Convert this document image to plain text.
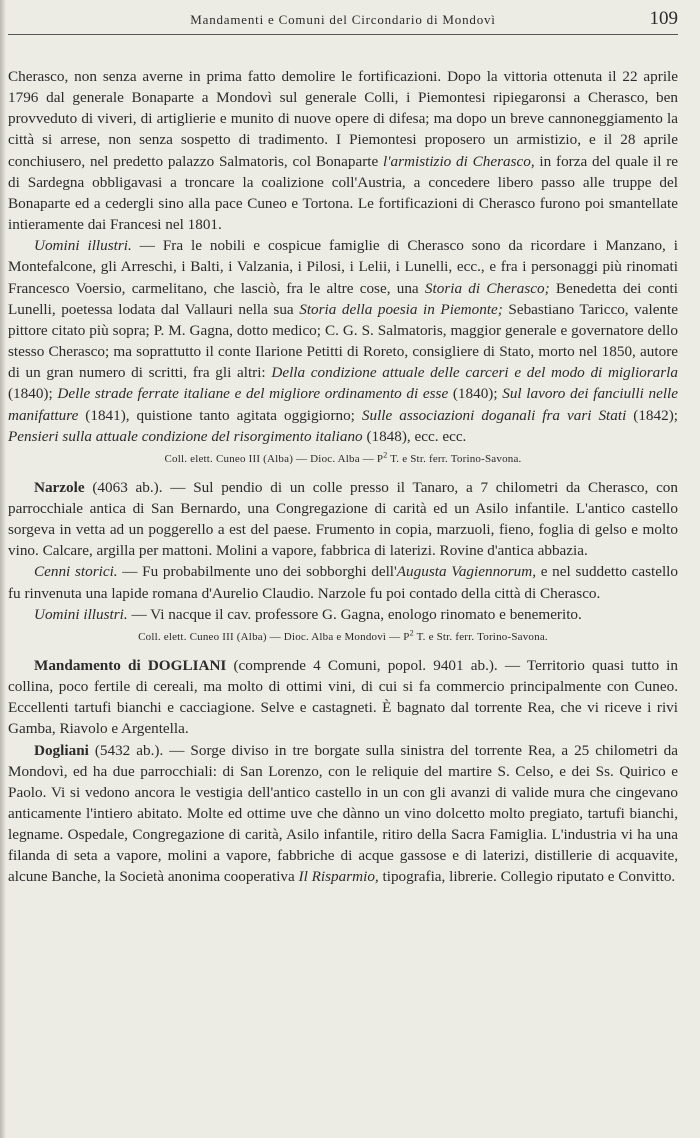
Mandamenti e Comuni del Circondario di Mondovì	109

Cherasco, non senza averne in prima fatto demolire le fortificazioni. Dopo la vittoria ottenuta il 22 aprile 1796 dal generale Bonaparte a Mondovì sul generale Colli, i Piemontesi ripiegaronsi a Cherasco, ben provveduto di viveri, di artiglierie e munito di nuove opere di difesa; ma dopo un breve cannoneggiamento la città si arrese, non senza sospetto di tradimento. I Piemontesi proposero un armistizio, e il 28 aprile conchiusero, nel predetto palazzo Salmatoris, col Bonaparte l'armistizio di Cherasco, in forza del quale il re di Sardegna obbligavasi a troncare la coalizione coll'Austria, a concedere libero passo alle truppe del Bonaparte ed a cedergli sino alla pace Cuneo e Tortona. Le fortificazioni di Cherasco furono poi smantellate intieramente dai Francesi nel 1801.

Uomini illustri. — Fra le nobili e cospicue famiglie di Cherasco sono da ricordare i Manzano, i Montefalcone, gli Arreschi, i Balti, i Valzania, i Pilosi, i Lelii, i Lunelli, ecc., e fra i personaggi più rinomati Francesco Voersio, carmelitano, che lasciò, fra le altre cose, una Storia di Cherasco; Benedetta dei conti Lunelli, poetessa lodata dal Vallauri nella sua Storia della poesia in Piemonte; Sebastiano Taricco, valente pittore citato più sopra; P. M. Gagna, dotto medico; C. G. S. Salmatoris, maggior generale e governatore dello stesso Cherasco; ma soprattutto il conte Ilarione Petitti di Roreto, consigliere di Stato, morto nel 1850, autore di un gran numero di scritti, fra gli altri: Della condizione attuale delle carceri e del modo di migliorarla (1840); Delle strade ferrate italiane e del migliore ordinamento di esse (1840); Sul lavoro dei fanciulli nelle manifatture (1841), quistione tanto agitata oggigiorno; Sulle associazioni doganali fra vari Stati (1842); Pensieri sulla attuale condizione del risorgimento italiano (1848), ecc. ecc.

Coll. elett. Cuneo III (Alba) — Dioc. Alba — $P^2$ T. e Str. ferr. Torino-Savona.

Narzole (4063 ab.). — Sul pendio di un colle presso il Tanaro, a 7 chilometri da Cherasco, con parrocchiale antica di San Bernardo, una Congregazione di carità ed un Asilo infantile. L'antico castello sorgeva in vetta ad un poggerello a est del paese. Frumento in copia, marzuoli, fieno, foglia di gelso e molto vino. Calcare, argilla per mattoni. Molini a vapore, fabbrica di laterizi. Rovine d'antica abbazia.

Cenni storici. — Fu probabilmente uno dei sobborghi dell'Augusta Vagiennorum, e nel suddetto castello fu rinvenuta una lapide romana d'Aurelio Claudio. Narzole fu poi contado della città di Cherasco.

Uomini illustri. — Vi nacque il cav. professore G. Gagna, enologo rinomato e benemerito.

Coll. elett. Cuneo III (Alba) — Dioc. Alba e Mondovì — $P^2$ T. e Str. ferr. Torino-Savona.

Mandamento di DOGLIANI (comprende 4 Comuni, popol. 9401 ab.). — Territorio quasi tutto in collina, poco fertile di cereali, ma molto di ottimi vini, di cui si fa commercio principalmente con Cuneo. Eccellenti tartufi bianchi e cacciagione. Selve e castagneti. È bagnato dal torrente Rea, che vi riceve i rivi Gamba, Riavolo e Argentella.

Dogliani (5432 ab.). — Sorge diviso in tre borgate sulla sinistra del torrente Rea, a 25 chilometri da Mondovì, ed ha due parrocchiali: di San Lorenzo, con le reliquie del martire S. Celso, e dei Ss. Quirico e Paolo. Vi si vedono ancora le vestigia dell'antico castello in un con gli avanzi di valide mura che cingevano anticamente l'intiero abitato. Molte ed ottime uve che dànno un vino dolcetto molto pregiato, tartufi bianchi, legname. Ospedale, Congregazione di carità, Asilo infantile, ritiro della Sacra Famiglia. L'industria vi ha una filanda di seta a vapore, molini a vapore, fabbriche di acque gassose e di laterizi, distillerie di acquavite, alcune Banche, la Società anonima cooperativa Il Risparmio, tipografia, librerie. Collegio riputato e Convitto.
